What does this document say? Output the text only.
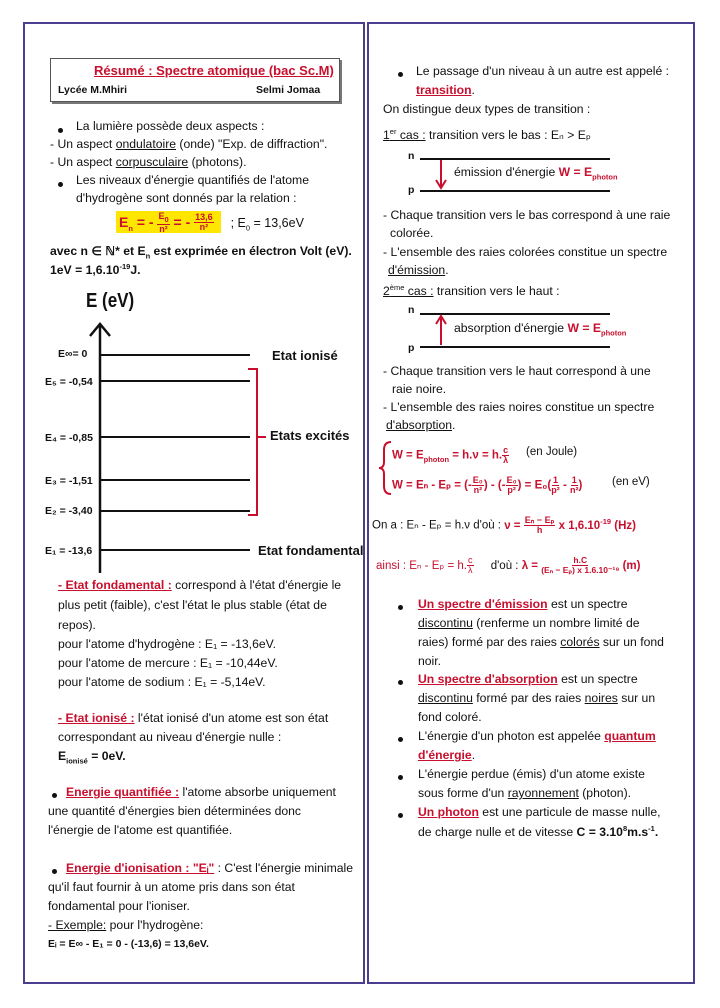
Résumé : Spectre atomique (bac Sc.M)
Lycée M.Mhiri	Selmi Jomaa
La lumière possède deux aspects :
- Un aspect ondulatoire (onde) "Exp. de diffraction".
- Un aspect corpusculaire (photons).
Les niveaux d'énergie quantifiés de l'atome
d'hydrogène sont donnés par la relation :
$E_n$ = - $\frac{E_0}{\text{n²}}$ = - $\frac{13,6}{\text{n²}}$ ; $E_0 = 13,6eV$
avec n ∈ ℕ* et $E_n$ est exprimée en électron Volt (eV).
$1eV = 1,6.10^{-19}J$.
E (eV)
E∞= 0	Etat ionisé
E₅ = -0,54
E₄ = -0,85	Etats excités
E₃ = -1,51
E₂ = -3,40
E₁ = -13,6	Etat fondamental
- Etat fondamental : correspond à l'état d'énergie le
plus petit (faible), c'est l'état le plus stable (état de
repos).
pour l'atome d'hydrogène : E₁ = -13,6eV.
pour l'atome de mercure : E₁ = -10,44eV.
pour l'atome de sodium : E₁ = -5,14eV.
- Etat ionisé : l'état ionisé d'un atome est son état
correspondant au niveau d'énergie nulle :
$E_{ionisé} = 0eV$.
Energie quantifiée : l'atome absorbe uniquement
une quantité d'énergies bien déterminées donc
l'énergie de l'atome est quantifiée.
Energie d'ionisation : "Eᵢ" : C'est l'énergie minimale
qu'il faut fournir à un atome pris dans son état
fondamental pour l'ioniser.
- Exemple: pour l'hydrogène:
Eᵢ = E∞ - E₁ = 0 - (-13,6) = 13,6eV.
Le passage d'un niveau à un autre est appelé :
transition.
On distingue deux types de transition :
1er cas : transition vers le bas : Eₙ > Eₚ
n
émission d'énergie $W = E_{photon}$
p
- Chaque transition vers le bas correspond à une raie
colorée.
- L'ensemble des raies colorées constitue un spectre
d'émission.
2ème cas : transition vers le haut :
n
absorption d'énergie $W = E_{photon}$
p
- Chaque transition vers le haut correspond à une
raie noire.
- L'ensemble des raies noires constitue un spectre
d'absorption.
$W = E_{photon} = h.\nu = h$. $\frac{c}{\lambda} (en$ Joule)
W = Eₙ - Eₚ = (- $\frac{\text{E₀}}{\text{n²}}$ ) - (- $\frac{\text{E₀}}{\text{p²}}$ ) = $E_0( \frac{1}{\text{p²}} - \frac{1}{\text{n²}}$ )	(en eV)
On a : Eₙ - Eₚ = h.ν d'où : $\nu = \frac{\text{Eₙ − Eₚ}}{h}$ x $1,6.10^{-19}$ (Hz)
ainsi : Eₙ - Eₚ = h. $\frac{c}{\lambda}$ d'où : $\lambda = \frac{h.C}{\text{(Eₙ − Eₚ) x 1.6.10⁻¹⁹}} (m)$
Un spectre d'émission est un spectre
discontinu (renferme un nombre limité de
raies) formé par des raies colorés sur un fond
noir.
Un spectre d'absorption est un spectre
discontinu formé par des raies noires sur un
fond coloré.
L'énergie d'un photon est appelée quantum
d'énergie.
L'énergie perdue (émis) d'un atome existe
sous forme d'un rayonnement (photon).
Un photon est une particule de masse nulle,
de charge nulle et de vitesse $C = 3.10^8m.s^{-1}$.
